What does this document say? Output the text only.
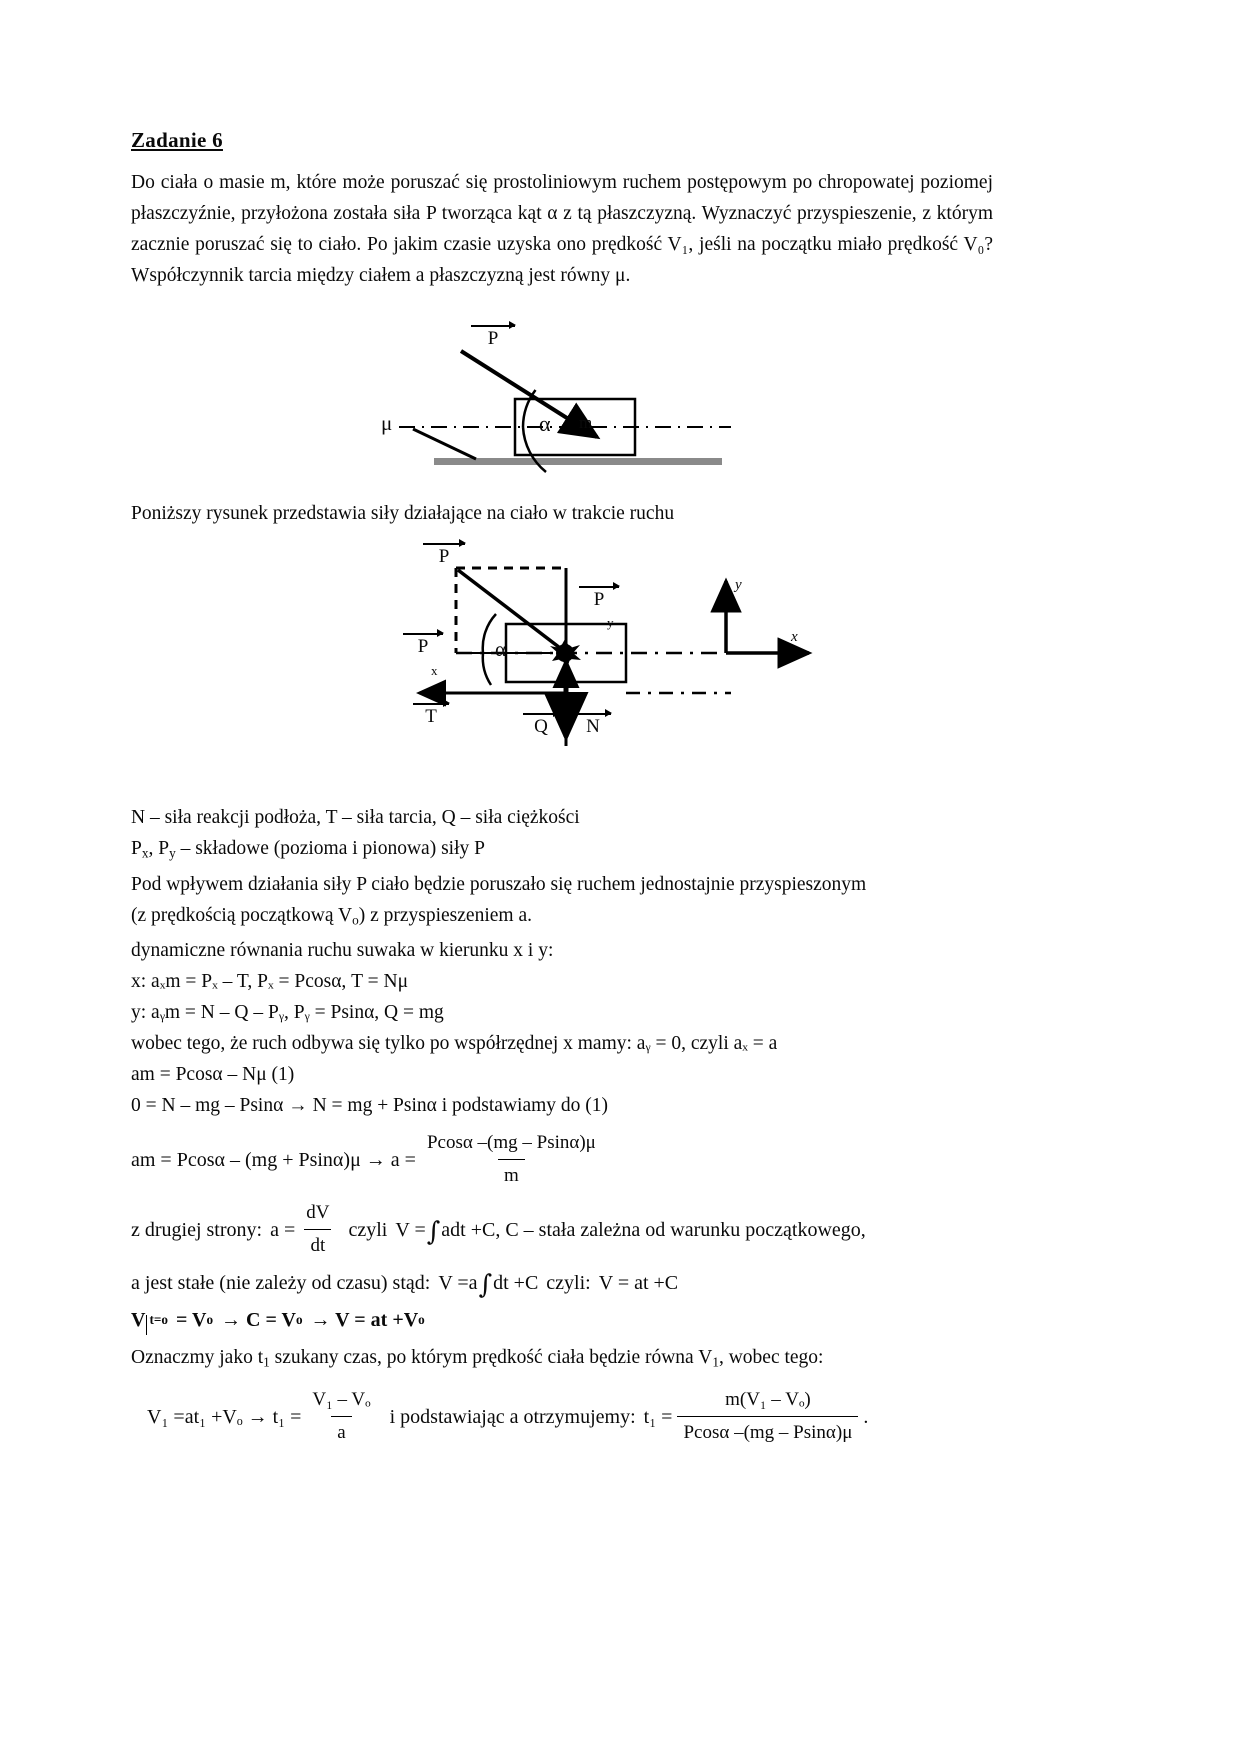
Zadanie 6

Do ciała o masie m, które może poruszać się prostoliniowym ruchem postępowym po chropowatej poziomej płaszczyźnie, przyłożona została siła P tworząca kąt α z tą płaszczyzną. Wyznaczyć przyspieszenie, z którym zacznie poruszać się to ciało. Po jakim czasie uzyska ono prędkość V₁, jeśli na początku miało prędkość V₀? Współczynnik tarcia między ciałem a płaszczyzną jest równy μ.

P
α
μ	m

Poniższy rysunek przedstawia siły działające na ciało w trakcie ruchu

P
P
y
P
x
α
T	Q N
y
x
N – siła reakcji podłoża, T – siła tarcia, Q – siła ciężkości
$P_x$, $P_y$ – składowe (pozioma i pionowa) siły P
Pod wpływem działania siły P ciało będzie poruszało się ruchem jednostajnie przyspieszonym
(z prędkością początkową $V_o$) z przyspieszeniem a.
dynamiczne równania ruchu suwaka w kierunku x i y:
x: aₓm = Pₓ – T, Pₓ = Pcosα, T = Nμ
y: aᵧm = N – Q – Pᵧ, Pᵧ = Psinα, Q = mg
wobec tego, że ruch odbywa się tylko po współrzędnej x mamy: aᵧ = 0, czyli aₓ = a
am = Pcosα – Nμ (1)
0 = N – mg – Psinα → N = mg + Psinα i podstawiamy do (1)
am = $Pcos\alpha - (mg + Psin\alpha)\mu \to a = \frac{Pcos\alpha -(mg - Psin\alpha)\mu}{m}$
z drugiej strony: $a = \frac{dV}{dt}$ czyli V = ∫ adt +C , C – stała zależna od warunku początkowego,
a jest stałe (nie zależy od czasu) stąd: V =a ∫ dt +C czyli: V = at +C
V $^{t=o}$ = V o → C = V o → V = at +V o
Oznaczmy jako $t_1$ szukany czas, po którym prędkość ciała będzie równa $V_1$, wobec tego:
$V_1 =at_1 +V_o \to t_1 = \frac{\text{V₁ – Vₒ}}{a}$ i podstawiając a otrzymujemy: $t_1 = \frac{\text{m(V₁ – Vₒ)}}{Pcos\alpha -(mg - Psin\alpha)\mu}$ .
